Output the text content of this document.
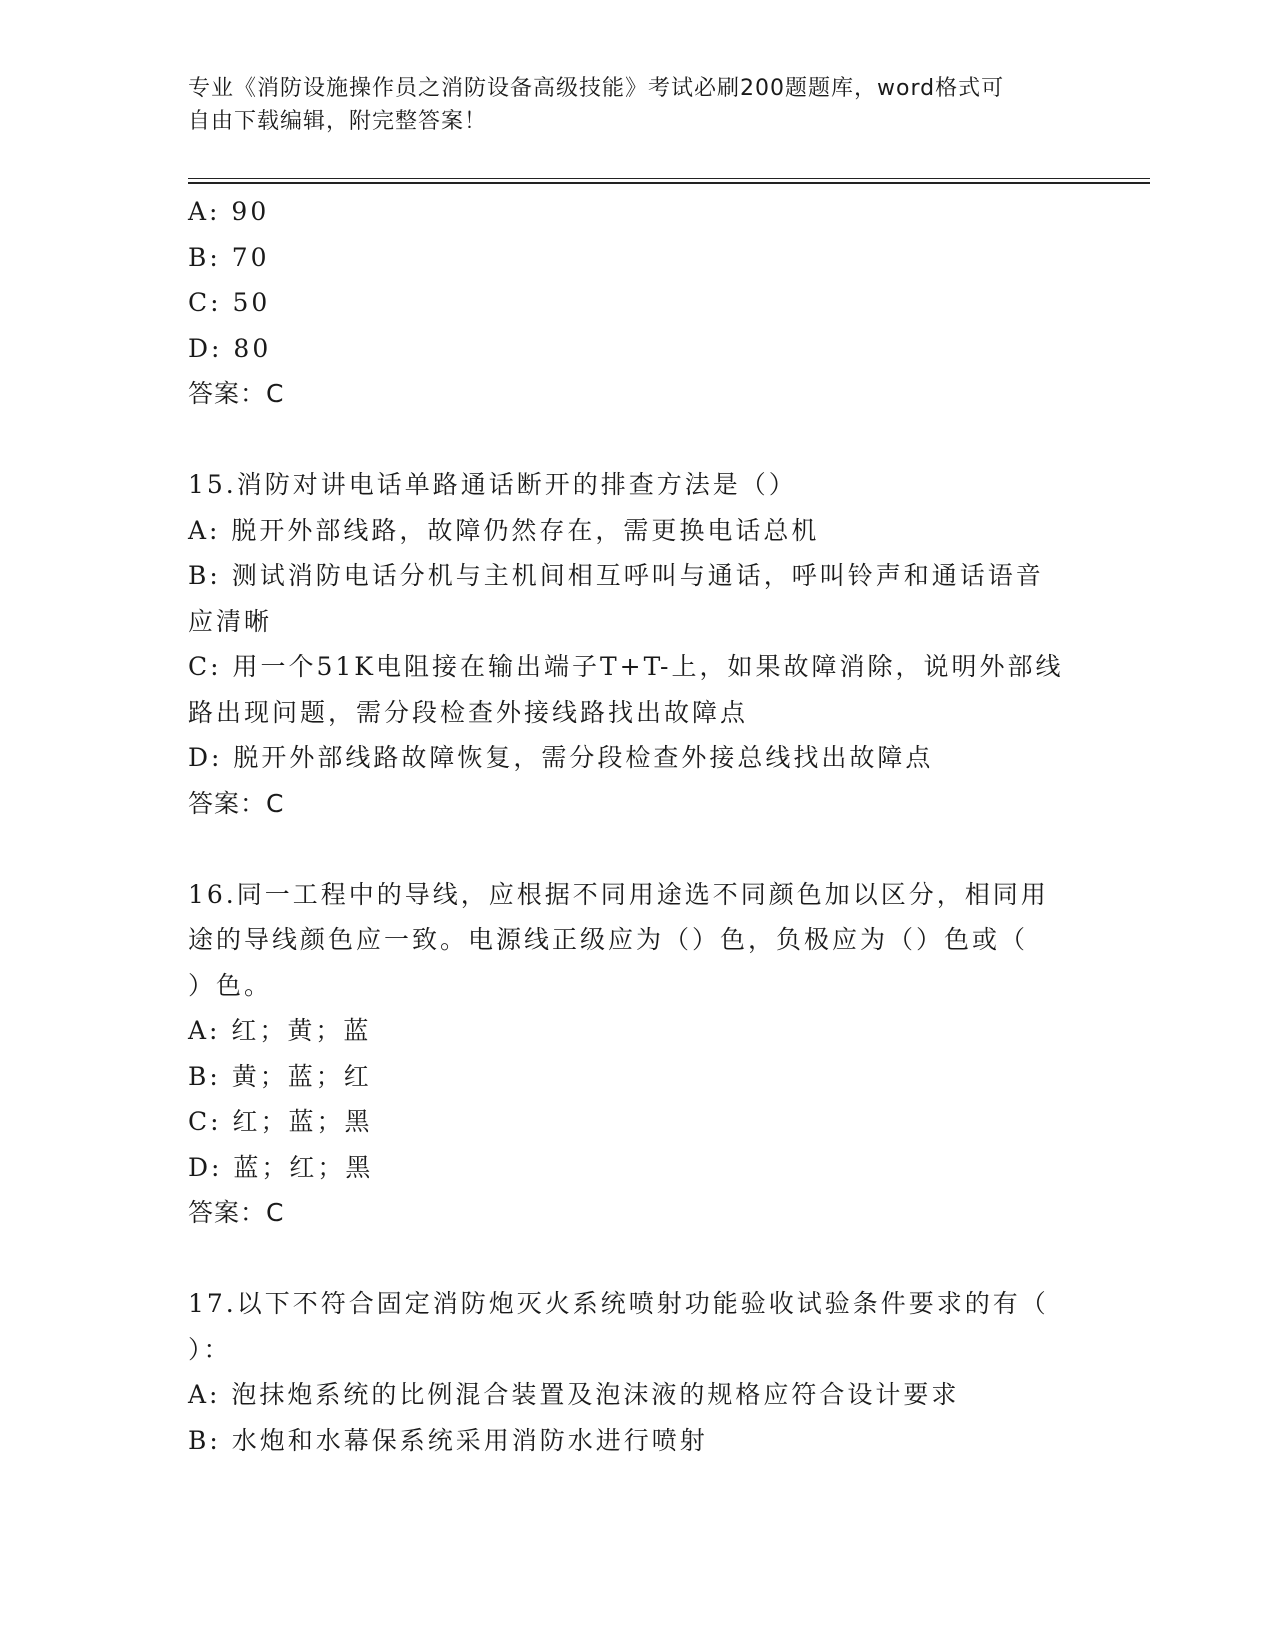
专业《消防设施操作员之消防设备高级技能》考试必刷200题题库，word格式可
自由下载编辑，附完整答案！
A: 90
B: 70
C: 50
D: 80
答案：C
15.消防对讲电话单路通话断开的排查方法是（）
A: 脱开外部线路，故障仍然存在，需更换电话总机
B: 测试消防电话分机与主机间相互呼叫与通话，呼叫铃声和通话语音
应清晰
C: 用一个51K电阻接在输出端子T+T-上，如果故障消除，说明外部线
路出现问题，需分段检查外接线路找出故障点
D: 脱开外部线路故障恢复，需分段检查外接总线找出故障点
答案：C
16.同一工程中的导线，应根据不同用途选不同颜色加以区分，相同用
途的导线颜色应一致。电源线正级应为（）色，负极应为（）色或（
）色。
A: 红；黄；蓝
B: 黄；蓝；红
C: 红；蓝；黑
D: 蓝；红；黑
答案：C
17.以下不符合固定消防炮灭火系统喷射功能验收试验条件要求的有（
）：
A: 泡抹炮系统的比例混合装置及泡沫液的规格应符合设计要求
B: 水炮和水幕保系统采用消防水进行喷射
